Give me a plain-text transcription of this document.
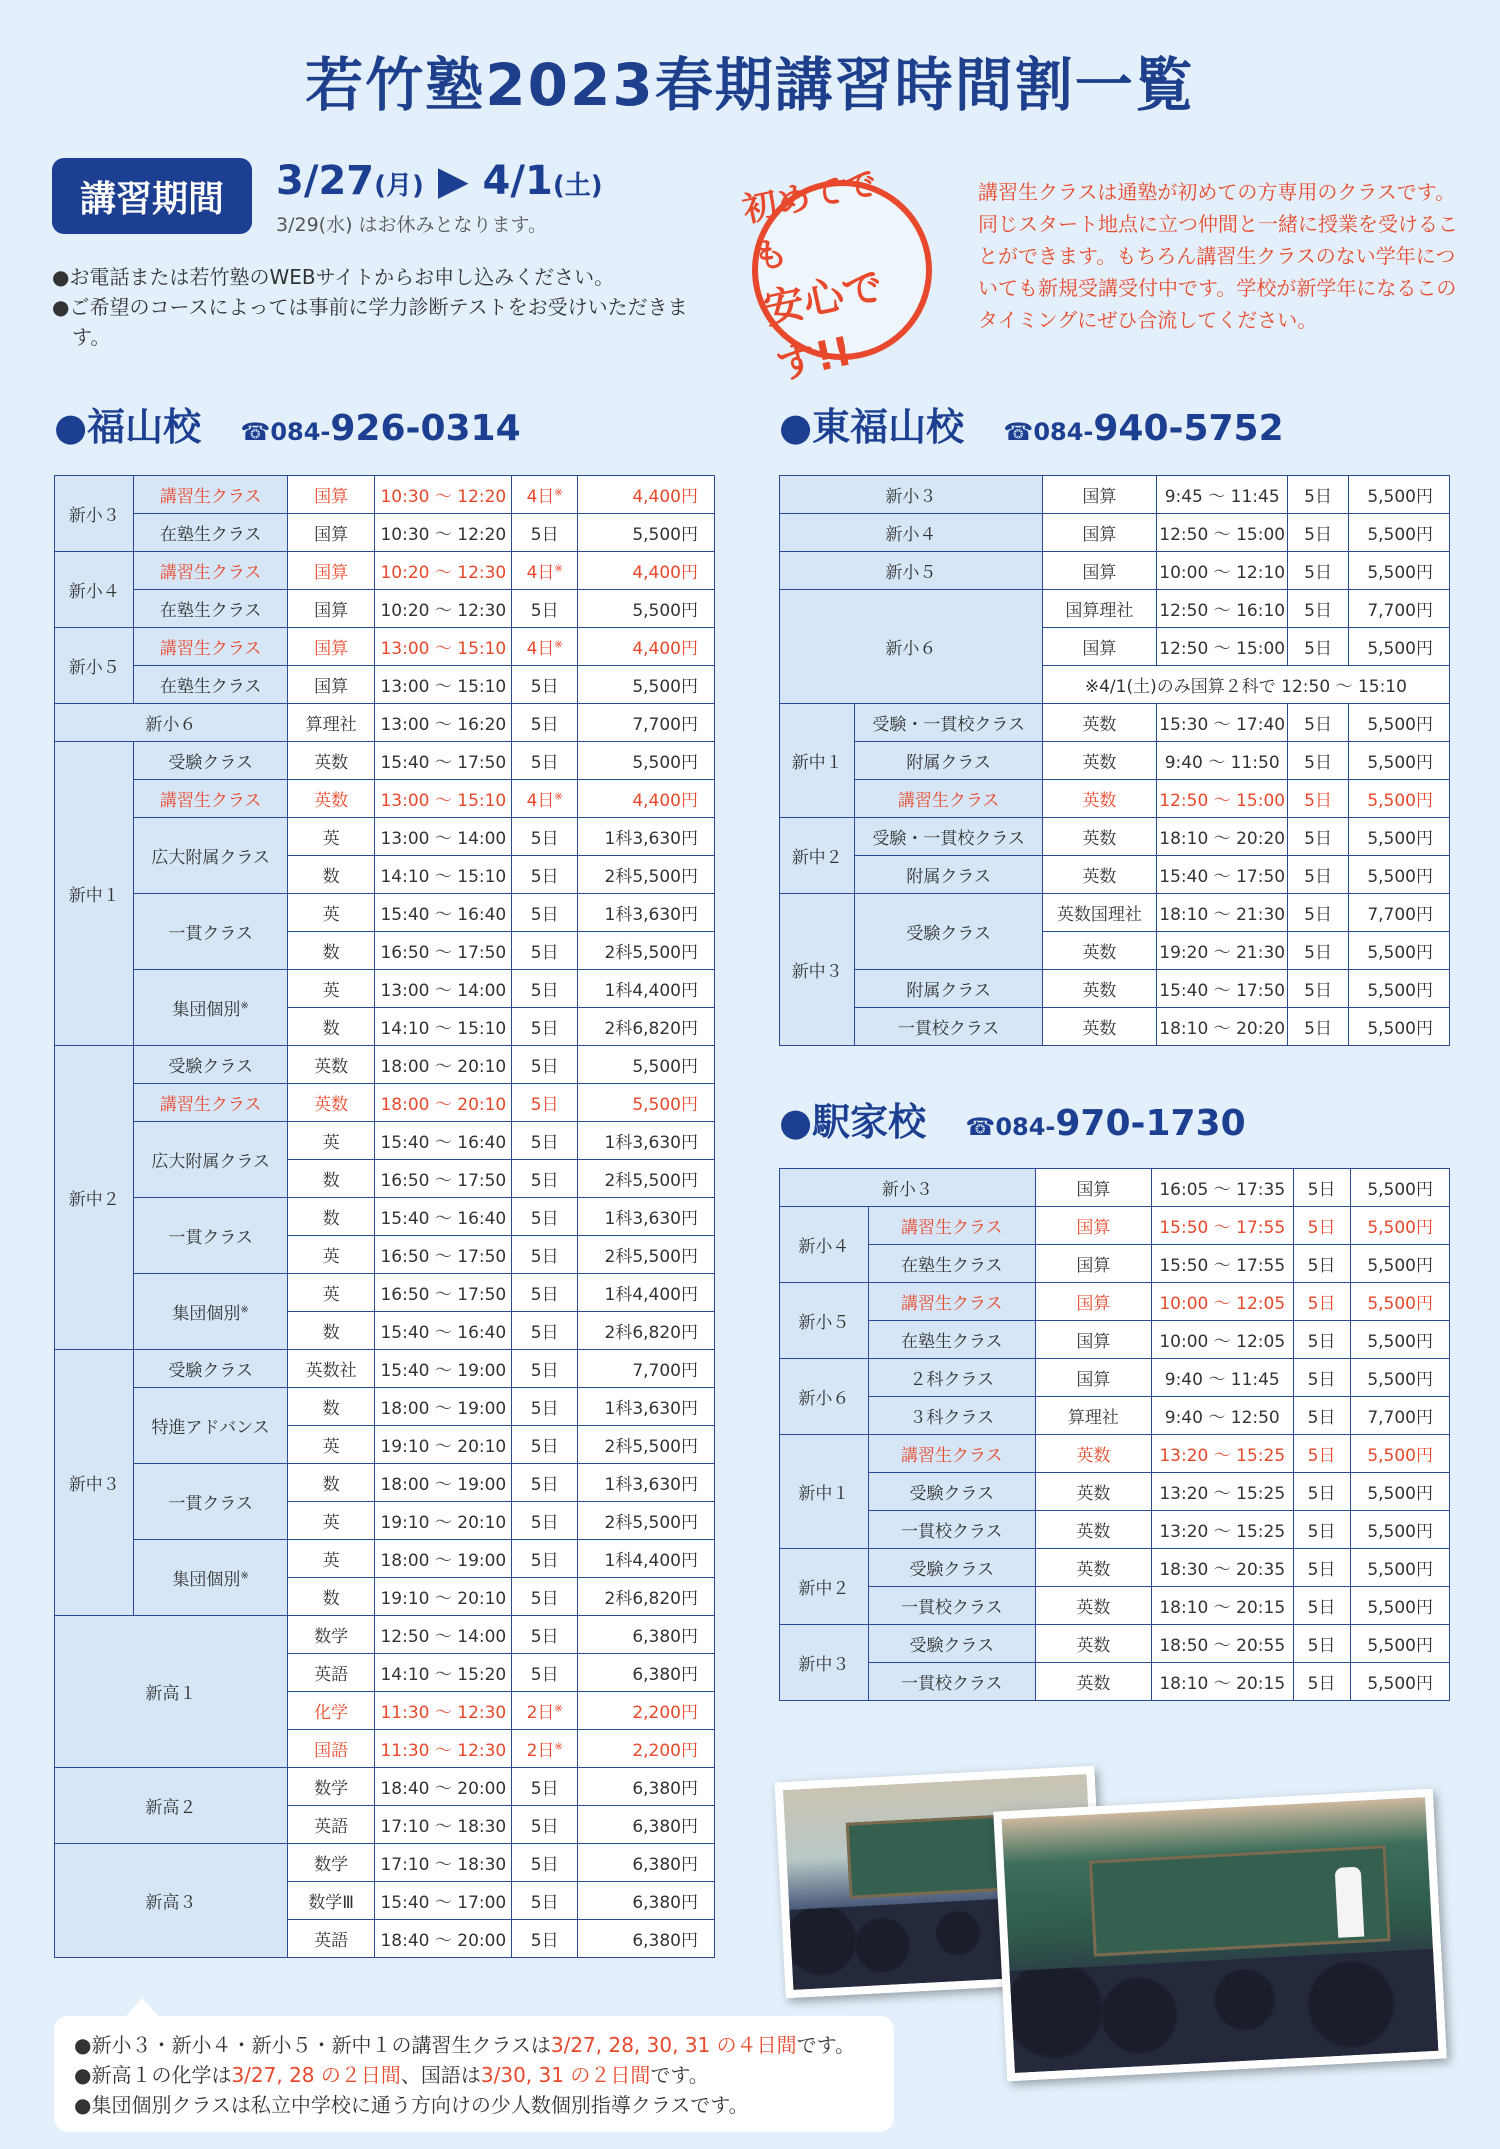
若竹塾2023春期講習時間割一覧
講習期間	3/27(月) ▶ 4/1(土)
3/29(水) はお休みとなります。

●お電話または若竹塾のWEBサイトからお申し込みください。

●ご希望のコースによっては事前に学力診断テストをお受けいただきます。

初めてでも
安心です!!
講習生クラスは通塾が初めての方専用のクラスです。同じスタート地点に立つ仲間と一緒に授業を受けることができます。もちろん講習生クラスのない学年についても新規受講受付中です。学校が新学年になるこのタイミングにぜひ合流してください。
●福山校 ☎084-926-0314
新小３	講習生クラス	国算	10:30 ～ 12:20	4日※	4,400円
	在塾生クラス	国算	10:30 ～ 12:20	5日	5,500円
新小４	講習生クラス	国算	10:20 ～ 12:30	4日※	4,400円
	在塾生クラス	国算	10:20 ～ 12:30	5日	5,500円
新小５	講習生クラス	国算	13:00 ～ 15:10	4日※	4,400円
	在塾生クラス	国算	13:00 ～ 15:10	5日	5,500円
新小６		算理社	13:00 ～ 16:20	5日	7,700円
新中１	受験クラス	英数	15:40 ～ 17:50	5日	5,500円
	講習生クラス	英数	13:00 ～ 15:10	4日※	4,400円
	広大附属クラス	英	13:00 ～ 14:00	5日	1科3,630円
		数	14:10 ～ 15:10	5日	2科5,500円
	一貫クラス	英	15:40 ～ 16:40	5日	1科3,630円
		数	16:50 ～ 17:50	5日	2科5,500円
	集団個別※	英	13:00 ～ 14:00	5日	1科4,400円
		数	14:10 ～ 15:10	5日	2科6,820円
新中２	受験クラス	英数	18:00 ～ 20:10	5日	5,500円
	講習生クラス	英数	18:00 ～ 20:10	5日	5,500円
	広大附属クラス	英	15:40 ～ 16:40	5日	1科3,630円
		数	16:50 ～ 17:50	5日	2科5,500円
	一貫クラス	数	15:40 ～ 16:40	5日	1科3,630円
		英	16:50 ～ 17:50	5日	2科5,500円
	集団個別※	英	16:50 ～ 17:50	5日	1科4,400円
		数	15:40 ～ 16:40	5日	2科6,820円
新中３	受験クラス	英数社	15:40 ～ 19:00	5日	7,700円
	特進アドバンス	数	18:00 ～ 19:00	5日	1科3,630円
		英	19:10 ～ 20:10	5日	2科5,500円
	一貫クラス	数	18:00 ～ 19:00	5日	1科3,630円
		英	19:10 ～ 20:10	5日	2科5,500円
	集団個別※	英	18:00 ～ 19:00	5日	1科4,400円
		数	19:10 ～ 20:10	5日	2科6,820円
新高１		数学	12:50 ～ 14:00	5日	6,380円
		英語	14:10 ～ 15:20	5日	6,380円
		化学	11:30 ～ 12:30	2日※	2,200円
		国語	11:30 ～ 12:30	2日※	2,200円
新高２		数学	18:40 ～ 20:00	5日	6,380円
		英語	17:10 ～ 18:30	5日	6,380円
新高３		数学	17:10 ～ 18:30	5日	6,380円
		数学Ⅲ	15:40 ～ 17:00	5日	6,380円
		英語	18:40 ～ 20:00	5日	6,380円
●東福山校 ☎084-940-5752
新小３		国算	9:45 ～ 11:45	5日	5,500円
新小４		国算	12:50 ～ 15:00	5日	5,500円
新小５		国算	10:00 ～ 12:10	5日	5,500円
新小６		国算理社	12:50 ～ 16:10	5日	7,700円
		国算	12:50 ～ 15:00	5日	5,500円
		※4/1(土)のみ国算２科で 12:50 ～ 15:10			
新中１	受験・一貫校クラス	英数	15:30 ～ 17:40	5日	5,500円
	附属クラス	英数	9:40 ～ 11:50	5日	5,500円
	講習生クラス	英数	12:50 ～ 15:00	5日	5,500円
新中２	受験・一貫校クラス	英数	18:10 ～ 20:20	5日	5,500円
	附属クラス	英数	15:40 ～ 17:50	5日	5,500円
新中３	受験クラス	英数国理社	18:10 ～ 21:30	5日	7,700円
		英数	19:20 ～ 21:30	5日	5,500円
	附属クラス	英数	15:40 ～ 17:50	5日	5,500円
	一貫校クラス	英数	18:10 ～ 20:20	5日	5,500円
●駅家校 ☎084-970-1730
新小３		国算	16:05 ～ 17:35	5日	5,500円
新小４	講習生クラス	国算	15:50 ～ 17:55	5日	5,500円
	在塾生クラス	国算	15:50 ～ 17:55	5日	5,500円
新小５	講習生クラス	国算	10:00 ～ 12:05	5日	5,500円
	在塾生クラス	国算	10:00 ～ 12:05	5日	5,500円
新小６	２科クラス	国算	9:40 ～ 11:45	5日	5,500円
	３科クラス	算理社	9:40 ～ 12:50	5日	7,700円
新中１	講習生クラス	英数	13:20 ～ 15:25	5日	5,500円
	受験クラス	英数	13:20 ～ 15:25	5日	5,500円
	一貫校クラス	英数	13:20 ～ 15:25	5日	5,500円
新中２	受験クラス	英数	18:30 ～ 20:35	5日	5,500円
	一貫校クラス	英数	18:10 ～ 20:15	5日	5,500円
新中３	受験クラス	英数	18:50 ～ 20:55	5日	5,500円
	一貫校クラス	英数	18:10 ～ 20:15	5日	5,500円
●新小３・新小４・新小５・新中１の講習生クラスは3/27, 28, 30, 31 の４日間です。
●新高１の化学は3/27, 28 の２日間、国語は3/30, 31 の２日間です。
●集団個別クラスは私立中学校に通う方向けの少人数個別指導クラスです。
